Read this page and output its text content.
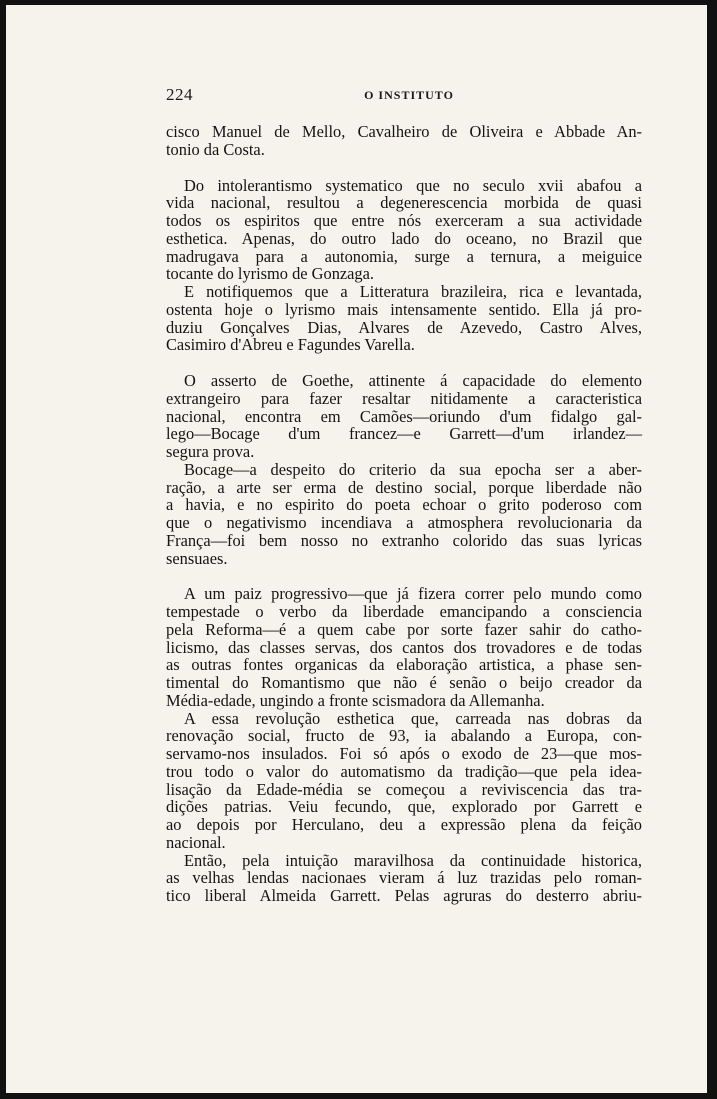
224	O INSTITUTO
cisco Manuel de Mello, Cavalheiro de Oliveira e Abbade An-
tonio da Costa.
Do intolerantismo systematico que no seculo xvii abafou a
vida nacional, resultou a degenerescencia morbida de quasi
todos os espiritos que entre nós exerceram a sua actividade
esthetica. Apenas, do outro lado do oceano, no Brazil que
madrugava para a autonomia, surge a ternura, a meiguice
tocante do lyrismo de Gonzaga.
E notifiquemos que a Litteratura brazileira, rica e levantada,
ostenta hoje o lyrismo mais intensamente sentido. Ella já pro-
duziu Gonçalves Dias, Alvares de Azevedo, Castro Alves,
Casimiro d'Abreu e Fagundes Varella.
O asserto de Goethe, attinente á capacidade do elemento
extrangeiro para fazer resaltar nitidamente a caracteristica
nacional, encontra em Camões—oriundo d'um fidalgo gal-
lego—Bocage d'um francez—e Garrett—d'um irlandez—
segura prova.
Bocage—a despeito do criterio da sua epocha ser a aber-
ração, a arte ser erma de destino social, porque liberdade não
a havia, e no espirito do poeta echoar o grito poderoso com
que o negativismo incendiava a atmosphera revolucionaria da
França—foi bem nosso no extranho colorido das suas lyricas
sensuaes.
A um paiz progressivo—que já fizera correr pelo mundo como
tempestade o verbo da liberdade emancipando a consciencia
pela Reforma—é a quem cabe por sorte fazer sahir do catho-
licismo, das classes servas, dos cantos dos trovadores e de todas
as outras fontes organicas da elaboração artistica, a phase sen-
timental do Romantismo que não é senão o beijo creador da
Média-edade, ungindo a fronte scismadora da Allemanha.
A essa revolução esthetica que, carreada nas dobras da
renovação social, fructo de 93, ia abalando a Europa, con-
servamo-nos insulados. Foi só após o exodo de 23—que mos-
trou todo o valor do automatismo da tradição—que pela idea-
lisação da Edade-média se começou a reviviscencia das tra-
dições patrias. Veiu fecundo, que, explorado por Garrett e
ao depois por Herculano, deu a expressão plena da feição
nacional.
Então, pela intuição maravilhosa da continuidade historica,
as velhas lendas nacionaes vieram á luz trazidas pelo roman-
tico liberal Almeida Garrett. Pelas agruras do desterro abriu-
